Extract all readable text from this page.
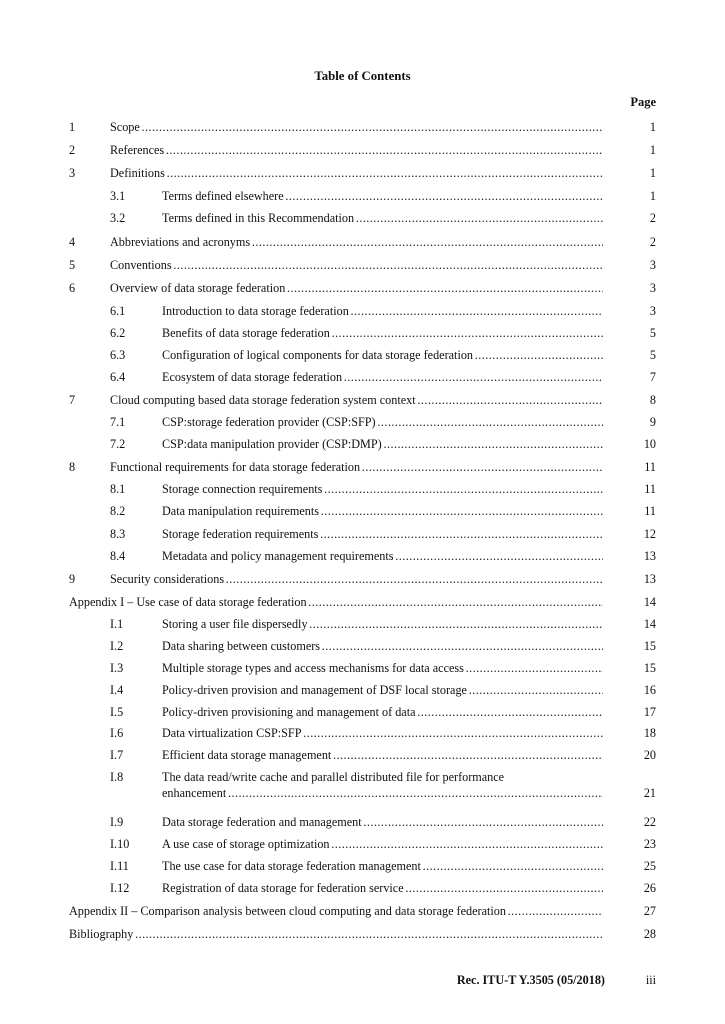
Table of Contents
Page
1	Scope . . .	1
2	References . . .	1
3	Definitions . . .	1
3.1	Terms defined elsewhere . . .	1
3.2	Terms defined in this Recommendation . . .	2
4	Abbreviations and acronyms . . .	2
5	Conventions . . .	3
6	Overview of data storage federation . . .	3
6.1	Introduction to data storage federation . . .	3
6.2	Benefits of data storage federation . . .	5
6.3	Configuration of logical components for data storage federation . . .	5
6.4	Ecosystem of data storage federation . . .	7
7	Cloud computing based data storage federation system context . . .	8
7.1	CSP:storage federation provider (CSP:SFP) . . .	9
7.2	CSP:data manipulation provider (CSP:DMP) . . .	10
8	Functional requirements for data storage federation . . .	11
8.1	Storage connection requirements . . .	11
8.2	Data manipulation requirements . . .	11
8.3	Storage federation requirements . . .	12
8.4	Metadata and policy management requirements . . .	13
9	Security considerations . . .	13
Appendix I – Use case of data storage federation . . .	14
I.1	Storing a user file dispersedly . . .	14
I.2	Data sharing between customers . . .	15
I.3	Multiple storage types and access mechanisms for data access . . .	15
I.4	Policy-driven provision and management of DSF local storage . . .	16
I.5	Policy-driven provisioning and management of data . . .	17
I.6	Data virtualization CSP:SFP . . .	18
I.7	Efficient data storage management . . .	20
I.8	The data read/write cache and parallel distributed file for performance
enhancement . . .	21
I.9	Data storage federation and management . . .	22
I.10	A use case of storage optimization . . .	23
I.11	The use case for data storage federation management . . .	25
I.12	Registration of data storage for federation service . . .	26
Appendix II – Comparison analysis between cloud computing and data storage federation . . .	27
Bibliography . . .	28
Rec. ITU-T Y.3505 (05/2018)	iii
